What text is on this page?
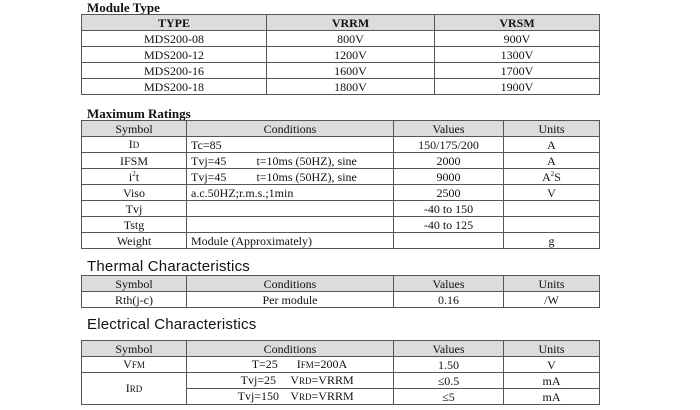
Module Type
TYPE	VRRM	VRSM
MDS200-08	800V	900V
MDS200-12	1200V	1300V
MDS200-16	1600V	1700V
MDS200-18	1800V	1900V
Maximum Ratings
Symbol	Conditions	Values	Units
ID	Tc=85	150/175/200	A
IFSM	Tvj=45 t=10ms (50HZ), sine	2000	A
$i^2t$	Tvj=45 t=10ms (50HZ), sine	9000	$A^2S$
Viso	a.c.50HZ;r.m.s.;1min	2500	V
Tvj		-40 to 150	
Tstg		-40 to 125	
Weight	Module (Approximately)		g
Thermal Characteristics
Symbol	Conditions	Values	Units
Rth(j-c)	Per module	0.16	/W
Electrical Characteristics
Symbol	Conditions	Values	Units
VFM	T=25 IFM=200A	1.50	V
IRD	Tvj=25 VRD=VRRM	≤0.5	mA
	Tvj=150 VRD=VRRM	≤5	mA
